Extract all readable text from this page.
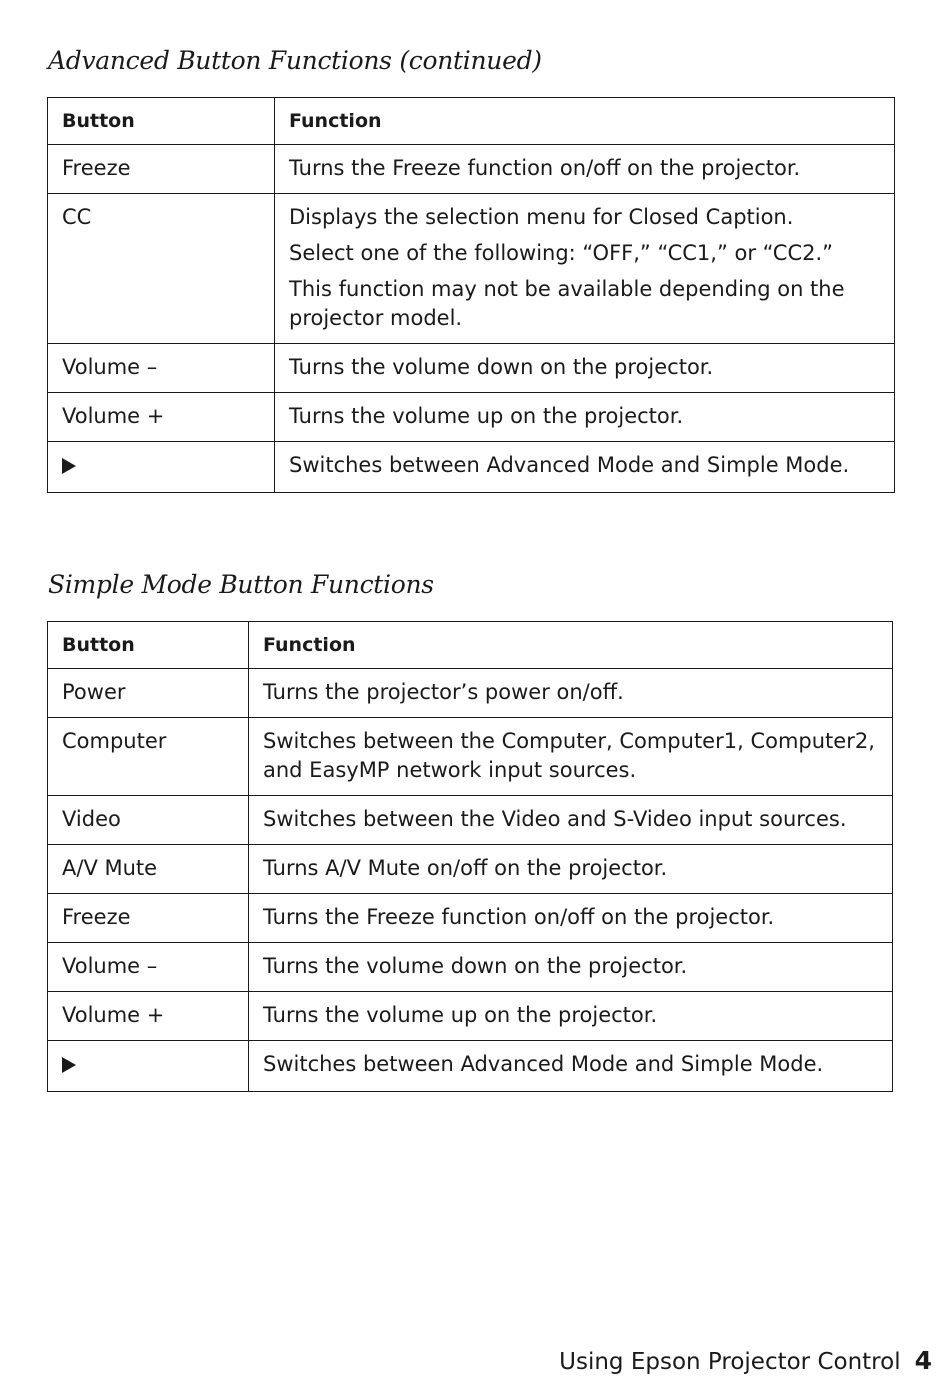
Advanced Button Functions (continued)
Button	Function
Freeze	Turns the Freeze function on/off on the projector.
CC	Displays the selection menu for Closed Caption.

Select one of the following: “OFF,” “CC1,” or “CC2.”

This function may not be available depending on the projector model.

Volume –	Turns the volume down on the projector.
Volume +	Turns the volume up on the projector.
	Switches between Advanced Mode and Simple Mode.
Simple Mode Button Functions
Button	Function
Power	Turns the projector’s power on/off.
Computer	Switches between the Computer, Computer1, Computer2, and EasyMP network input sources.
Video	Switches between the Video and S-Video input sources.
A/V Mute	Turns A/V Mute on/off on the projector.
Freeze	Turns the Freeze function on/off on the projector.
Volume –	Turns the volume down on the projector.
Volume +	Turns the volume up on the projector.
	Switches between Advanced Mode and Simple Mode.
Using Epson Projector Control 4
